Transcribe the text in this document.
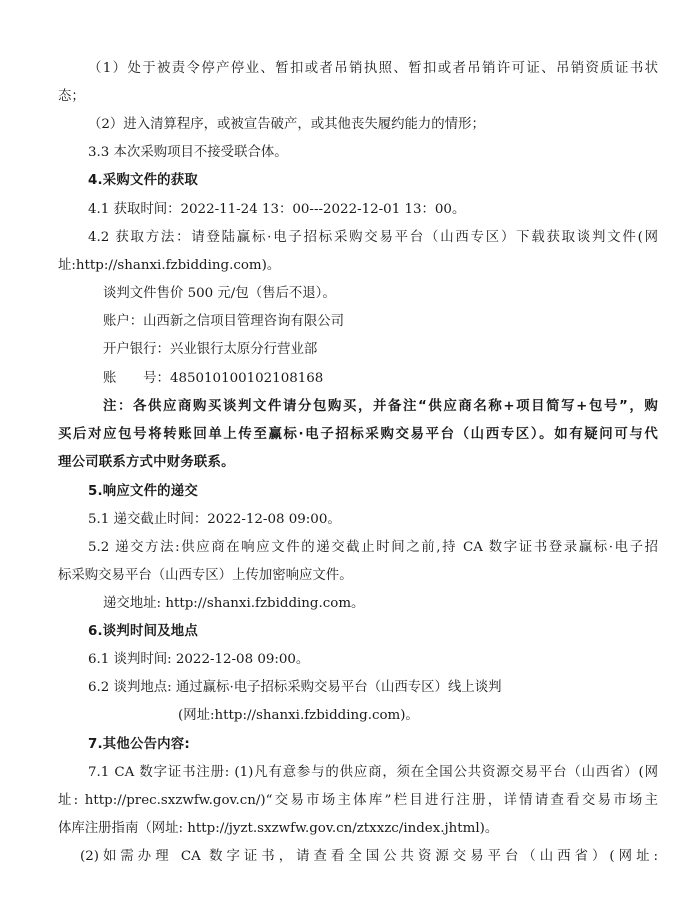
（1）处于被责令停产停业、暂扣或者吊销执照、暂扣或者吊销许可证、吊销资质证书状
态；
（2）进入清算程序，或被宣告破产，或其他丧失履约能力的情形；
3.3 本次采购项目不接受联合体。
4.采购文件的获取
4.1 获取时间：2022-11-24 13：00---2022-12-01 13：00。
4.2 获取方法：请登陆赢标·电子招标采购交易平台（山西专区）下载获取谈判文件(网
址:http://shanxi.fzbidding.com)。
谈判文件售价 500 元/包（售后不退）。
账户：山西新之信项目管理咨询有限公司
开户银行：兴业银行太原分行营业部
账　　号：485010100102108168
注：各供应商购买谈判文件请分包购买，并备注“供应商名称+项目简写+包号”，购
买后对应包号将转账回单上传至赢标·电子招标采购交易平台（山西专区）。如有疑问可与代
理公司联系方式中财务联系。
5.响应文件的递交
5.1 递交截止时间：2022-12-08 09:00。
5.2 递交方法:供应商在响应文件的递交截止时间之前,持 CA 数字证书登录赢标·电子招
标采购交易平台（山西专区）上传加密响应文件。
递交地址: http://shanxi.fzbidding.com。
6.谈判时间及地点
6.1 谈判时间: 2022-12-08 09:00。
6.2 谈判地点: 通过赢标·电子招标采购交易平台（山西专区）线上谈判
(网址:http://shanxi.fzbidding.com)。
7.其他公告内容:
7.1 CA 数字证书注册: (1)凡有意参与的供应商，须在全国公共资源交易平台（山西省）(网
址: http://prec.sxzwfw.gov.cn/)“交易市场主体库”栏目进行注册，详情请查看交易市场主
体库注册指南（网址: http://jyzt.sxzwfw.gov.cn/ztxxzc/index.jhtml)。
(2)如需办理 CA 数字证书，请查看全国公共资源交易平台（山西省）(网址:
